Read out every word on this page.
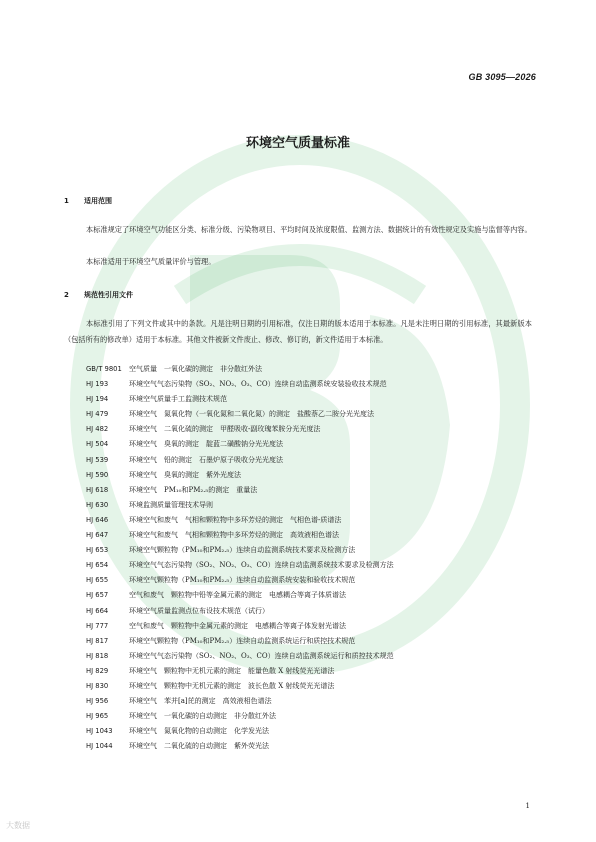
GB 3095—2026
环境空气质量标准
1 适用范围
本标准规定了环境空气功能区分类、标准分级、污染物项目、平均时间及浓度限值、监测方法、数据统计的有效性规定及实施与监督等内容。
本标准适用于环境空气质量评价与管理。
2 规范性引用文件
本标准引用了下列文件或其中的条款。凡是注明日期的引用标准，仅注日期的版本适用于本标准。凡是未注明日期的引用标准，其最新版本（包括所有的修改单）适用于本标准。其他文件被新文件废止、修改、修订的，新文件适用于本标准。
GB/T 9801 空气质量　一氧化碳的测定　非分散红外法
HJ 193	环境空气气态污染物（SO₂、NO₂、O₃、CO）连续自动监测系统安装验收技术规范
HJ 194	环境空气质量手工监测技术规范
HJ 479	环境空气　氮氧化物（一氧化氮和二氧化氮）的测定　盐酸萘乙二胺分光光度法
HJ 482	环境空气　二氧化硫的测定　甲醛吸收-副玫瑰苯胺分光光度法
HJ 504	环境空气　臭氧的测定　靛蓝二磺酸钠分光光度法
HJ 539	环境空气　铅的测定　石墨炉原子吸收分光光度法
HJ 590	环境空气　臭氧的测定　紫外光度法
HJ 618	环境空气　PM₁₀和PM₂.₅的测定　重量法
HJ 630	环境监测质量管理技术导则
HJ 646	环境空气和废气　气相和颗粒物中多环芳烃的测定　气相色谱-质谱法
HJ 647	环境空气和废气　气相和颗粒物中多环芳烃的测定　高效液相色谱法
HJ 653	环境空气颗粒物（PM₁₀和PM₂.₅）连续自动监测系统技术要求及检测方法
HJ 654	环境空气气态污染物（SO₂、NO₂、O₃、CO）连续自动监测系统技术要求及检测方法
HJ 655	环境空气颗粒物（PM₁₀和PM₂.₅）连续自动监测系统安装和验收技术规范
HJ 657	空气和废气　颗粒物中铅等金属元素的测定　电感耦合等离子体质谱法
HJ 664	环境空气质量监测点位布设技术规范（试行）
HJ 777	空气和废气　颗粒物中金属元素的测定　电感耦合等离子体发射光谱法
HJ 817	环境空气颗粒物（PM₁₀和PM₂.₅）连续自动监测系统运行和质控技术规范
HJ 818	环境空气气态污染物（SO₂、NO₂、O₃、CO）连续自动监测系统运行和质控技术规范
HJ 829	环境空气　颗粒物中无机元素的测定　能量色散 X 射线荧光光谱法
HJ 830	环境空气　颗粒物中无机元素的测定　波长色散 X 射线荧光光谱法
HJ 956	环境空气　苯并[a]芘的测定　高效液相色谱法
HJ 965	环境空气　一氧化碳的自动测定　非分散红外法
HJ 1043 环境空气　氮氧化物的自动测定　化学发光法
HJ 1044 环境空气　二氧化硫的自动测定　紫外荧光法
1
大数据
